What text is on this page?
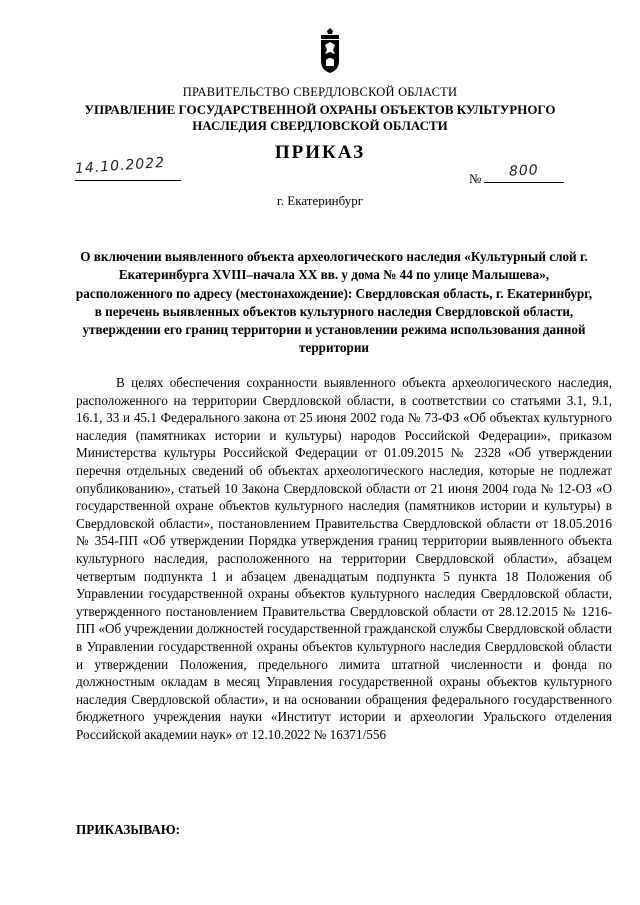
ПРАВИТЕЛЬСТВО СВЕРДЛОВСКОЙ ОБЛАСТИ
УПРАВЛЕНИЕ ГОСУДАРСТВЕННОЙ ОХРАНЫ ОБЪЕКТОВ КУЛЬТУРНОГО НАСЛЕДИЯ СВЕРДЛОВСКОЙ ОБЛАСТИ
ПРИКАЗ
14.10.2022
№ 800
г. Екатеринбург
О включении выявленного объекта археологического наследия «Культурный слой г. Екатеринбурга XVIII–начала XX вв. у дома № 44 по улице Малышева», расположенного по адресу (местонахождение): Свердловская область, г. Екатеринбург, в перечень выявленных объектов культурного наследия Свердловской области, утверждении его границ территории и установлении режима использования данной территории
В целях обеспечения сохранности выявленного объекта археологического наследия, расположенного на территории Свердловской области, в соответствии со статьями 3.1, 9.1, 16.1, 33 и 45.1 Федерального закона от 25 июня 2002 года № 73-ФЗ «Об объектах культурного наследия (памятниках истории и культуры) народов Российской Федерации», приказом Министерства культуры Российской Федерации от 01.09.2015 № 2328 «Об утверждении перечня отдельных сведений об объектах археологического наследия, которые не подлежат опубликованию», статьей 10 Закона Свердловской области от 21 июня 2004 года № 12-ОЗ «О государственной охране объектов культурного наследия (памятников истории и культуры) в Свердловской области», постановлением Правительства Свердловской области от 18.05.2016 № 354-ПП «Об утверждении Порядка утверждения границ территории выявленного объекта культурного наследия, расположенного на территории Свердловской области», абзацем четвертым подпункта 1 и абзацем двенадцатым подпункта 5 пункта 18 Положения об Управлении государственной охраны объектов культурного наследия Свердловской области, утвержденного постановлением Правительства Свердловской области от 28.12.2015 № 1216-ПП «Об учреждении должностей государственной гражданской службы Свердловской области в Управлении государственной охраны объектов культурного наследия Свердловской области и утверждении Положения, предельного лимита штатной численности и фонда по должностным окладам в месяц Управления государственной охраны объектов культурного наследия Свердловской области», и на основании обращения федерального государственного бюджетного учреждения науки «Институт истории и археологии Уральского отделения Российской академии наук» от 12.10.2022 № 16371/556
ПРИКАЗЫВАЮ:
